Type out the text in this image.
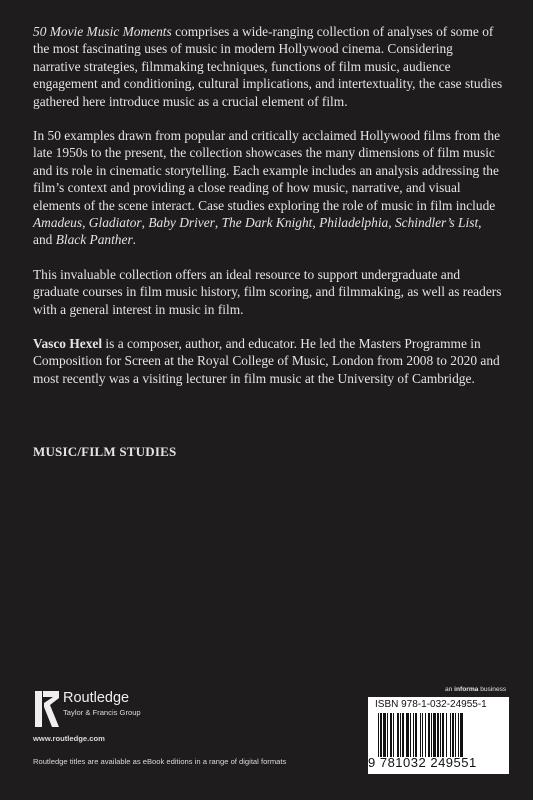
50 Movie Music Moments comprises a wide-ranging collection of analyses of some of the most fascinating uses of music in modern Hollywood cinema. Considering narrative strategies, filmmaking techniques, functions of film music, audience engagement and conditioning, cultural implications, and intertextuality, the case studies gathered here introduce music as a crucial element of film.

In 50 examples drawn from popular and critically acclaimed Hollywood films from the late 1950s to the present, the collection showcases the many dimensions of film music and its role in cinematic storytelling. Each example includes an analysis addressing the film’s context and providing a close reading of how music, narrative, and visual elements of the scene interact. Case studies exploring the role of music in film include Amadeus, Gladiator, Baby Driver, The Dark Knight, Philadelphia, Schindler’s List, and Black Panther.

This invaluable collection offers an ideal resource to support undergraduate and graduate courses in film music history, film scoring, and filmmaking, as well as readers with a general interest in music in film.

Vasco Hexel is a composer, author, and educator. He led the Masters Programme in Composition for Screen at the Royal College of Music, London from 2008 to 2020 and most recently was a visiting lecturer in film music at the University of Cambridge.

MUSIC/FILM STUDIES
Routledge
Taylor & Francis Group
www.routledge.com
an informa business
ISBN 978-1-032-24955-1
9 781032 249551
Routledge titles are available as eBook editions in a range of digital formats
